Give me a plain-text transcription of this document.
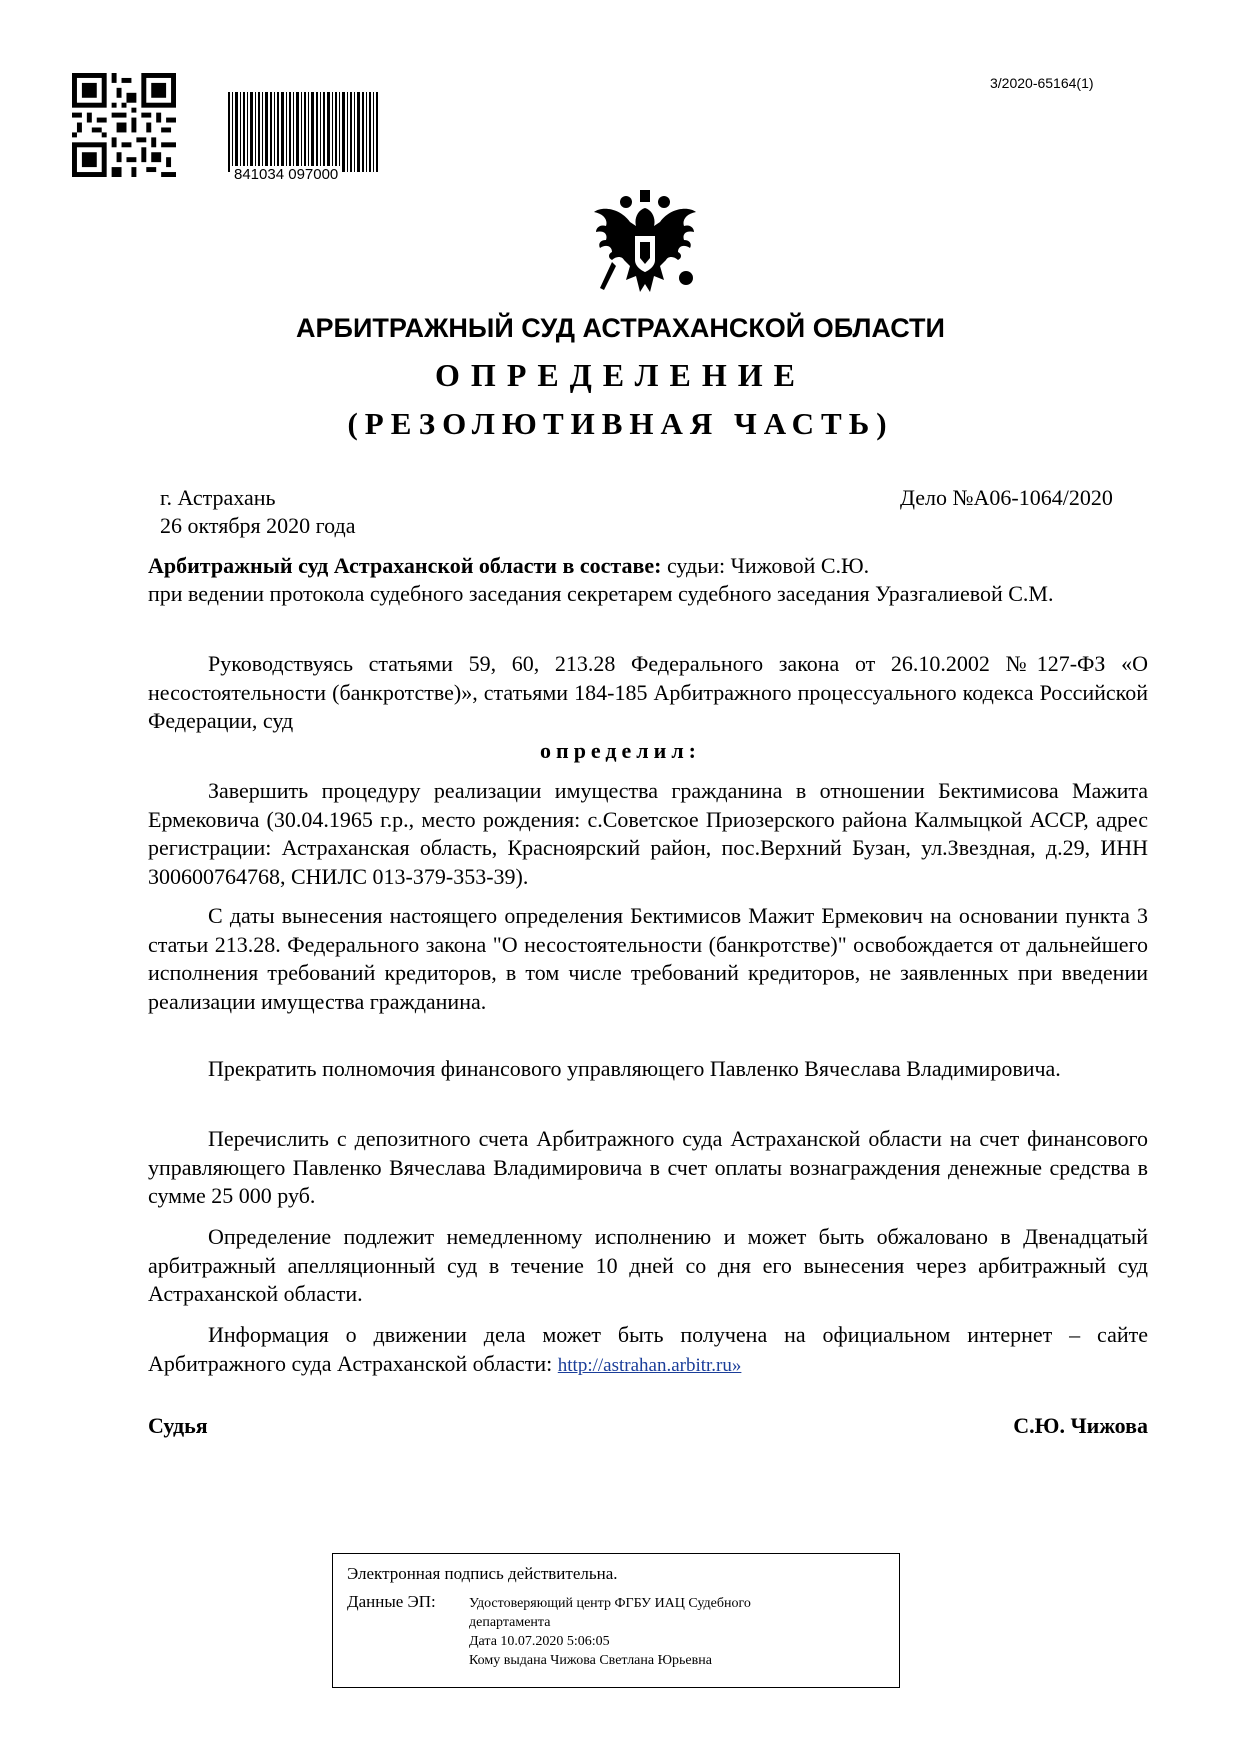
841034 097000
3/2020-65164(1)
АРБИТРАЖНЫЙ СУД АСТРАХАНСКОЙ ОБЛАСТИ
ОПРЕДЕЛЕНИЕ
(РЕЗОЛЮТИВНАЯ ЧАСТЬ)
г. Астрахань
26 октября 2020 года
Дело №А06-1064/2020
Арбитражный суд Астраханской области в составе: судьи: Чижовой С.Ю.
при ведении протокола судебного заседания секретарем судебного заседания Уразгалиевой С.М.
Руководствуясь статьями 59, 60, 213.28 Федерального закона от 26.10.2002 №127-ФЗ «О несостоятельности (банкротстве)», статьями 184-185 Арбитражного процессуального кодекса Российской Федерации, суд
определил:
Завершить процедуру реализации имущества гражданина в отношении Бектимисова Мажита Ермековича (30.04.1965 г.р., место рождения: с.Советское Приозерского района Калмыцкой АССР, адрес регистрации: Астраханская область, Красноярский район, пос.Верхний Бузан, ул.Звездная, д.29, ИНН 300600764768, СНИЛС 013-379-353-39).
С даты вынесения настоящего определения Бектимисов Мажит Ермекович на основании пункта 3 статьи 213.28. Федерального закона "О несостоятельности (банкротстве)" освобождается от дальнейшего исполнения требований кредиторов, в том числе требований кредиторов, не заявленных при введении реализации имущества гражданина.
Прекратить полномочия финансового управляющего Павленко Вячеслава Владимировича.
Перечислить с депозитного счета Арбитражного суда Астраханской области на счет финансового управляющего Павленко Вячеслава Владимировича в счет оплаты вознаграждения денежные средства в сумме 25 000 руб.
Определение подлежит немедленному исполнению и может быть обжаловано в Двенадцатый арбитражный апелляционный суд в течение 10 дней со дня его вынесения через арбитражный суд Астраханской области.
Информация о движении дела может быть получена на официальном интернет – сайте Арбитражного суда Астраханской области: http://astrahan.arbitr.ru»
Судья	С.Ю. Чижова
Электронная подпись действительна.
Данные ЭП: Удостоверяющий центр ФГБУ ИАЦ Судебного
департамента
Дата 10.07.2020 5:06:05
Кому выдана Чижова Светлана Юрьевна
